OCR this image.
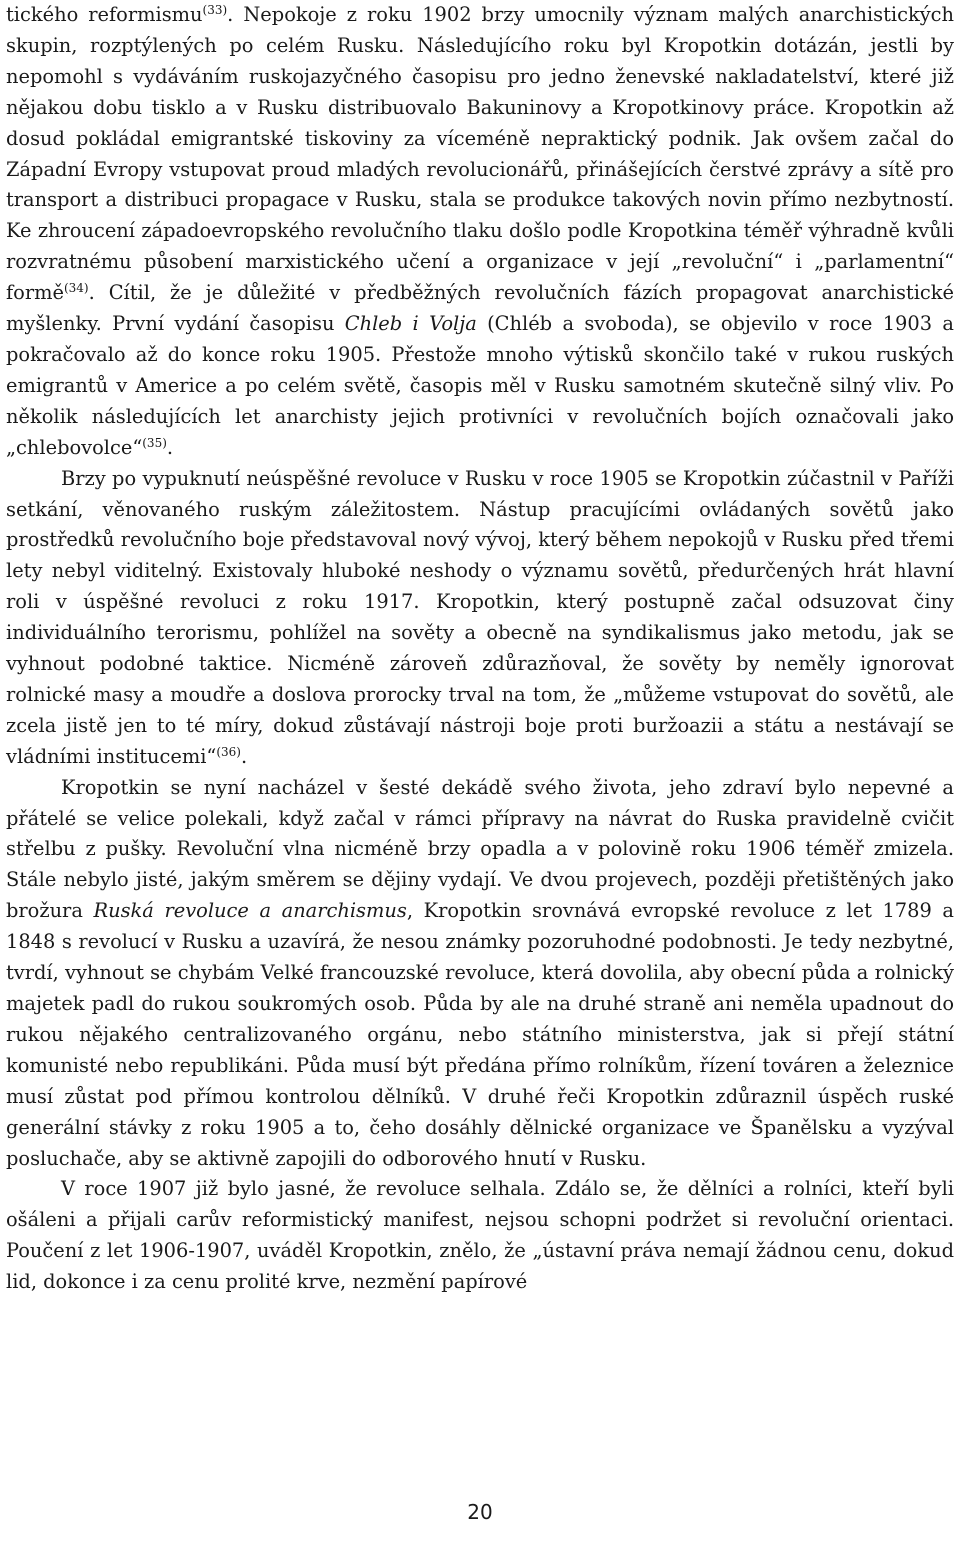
tického reformismu$^{(33)}$. Nepokoje z roku 1902 brzy umocnily význam malých anarchistických skupin, rozptýlených po celém Rusku. Následujícího roku byl Kropotkin dotázán, jestli by nepomohl s vydáváním ruskojazyčného časopisu pro jedno ženevské nakladatelství, které již nějakou dobu tisklo a v Rusku distribuovalo Bakuninovy a Kropotkinovy práce. Kropotkin až dosud pokládal emigrantské tiskoviny za víceméně nepraktický podnik. Jak ovšem začal do Západní Evropy vstupovat proud mladých revolucionářů, přinášejících čerstvé zprávy a sítě pro transport a distribuci propagace v Rusku, stala se produkce takových novin přímo nezbytností. Ke zhroucení západoevropského revolučního tlaku došlo podle Kropotkina téměř výhradně kvůli rozvratnému působení marxistického učení a organizace v její „revoluční“ i „parlamentní“ formě$^{(34)}$. Cítil, že je důležité v předběžných revolučních fázích propagovat anarchistické myšlenky. První vydání časopisu Chleb i Volja (Chléb a svoboda), se objevilo v roce 1903 a pokračovalo až do konce roku 1905. Přestože mnoho výtisků skončilo také v rukou ruských emigrantů v Americe a po celém světě, časopis měl v Rusku samotném skutečně silný vliv. Po několik následujících let anarchisty jejich protivníci v revolučních bojích označovali jako „chlebovolce“$^{(35)}$.

Brzy po vypuknutí neúspěšné revoluce v Rusku v roce 1905 se Kropotkin zúčastnil v Paříži setkání, věnovaného ruským záležitostem. Nástup pracujícími ovládaných sovětů jako prostředků revolučního boje představoval nový vývoj, který během nepokojů v Rusku před třemi lety nebyl viditelný. Existovaly hluboké neshody o významu sovětů, předurčených hrát hlavní roli v úspěšné revoluci z roku 1917. Kropotkin, který postupně začal odsuzovat činy individuálního terorismu, pohlížel na sověty a obecně na syndikalismus jako metodu, jak se vyhnout podobné taktice. Nicméně zároveň zdůrazňoval, že sověty by neměly ignorovat rolnické masy a moudře a doslova prorocky trval na tom, že „můžeme vstupovat do sovětů, ale zcela jistě jen to té míry, dokud zůstávají nástroji boje proti buržoazii a státu a nestávají se vládními institucemi“$^{(36)}$.

Kropotkin se nyní nacházel v šesté dekádě svého života, jeho zdraví bylo nepevné a přátelé se velice polekali, když začal v rámci přípravy na návrat do Ruska pravidelně cvičit střelbu z pušky. Revoluční vlna nicméně brzy opadla a v polovině roku 1906 téměř zmizela. Stále nebylo jisté, jakým směrem se dějiny vydají. Ve dvou projevech, později přetištěných jako brožura Ruská revoluce a anarchismus, Kropotkin srovnává evropské revoluce z let 1789 a 1848 s revolucí v Rusku a uzavírá, že nesou známky pozoruhodné podobnosti. Je tedy nezbytné, tvrdí, vyhnout se chybám Velké francouzské revoluce, která dovolila, aby obecní půda a rolnický majetek padl do rukou soukromých osob. Půda by ale na druhé straně ani neměla upadnout do rukou nějakého centralizovaného orgánu, nebo státního ministerstva, jak si přejí státní komunisté nebo republikáni. Půda musí být předána přímo rolníkům, řízení továren a železnice musí zůstat pod přímou kontrolou dělníků. V druhé řeči Kropotkin zdůraznil úspěch ruské generální stávky z roku 1905 a to, čeho dosáhly dělnické organizace ve Španělsku a vyzýval posluchače, aby se aktivně zapojili do odborového hnutí v Rusku.

V roce 1907 již bylo jasné, že revoluce selhala. Zdálo se, že dělníci a rolníci, kteří byli ošáleni a přijali carův reformistický manifest, nejsou schopni podržet si revoluční orientaci. Poučení z let 1906-1907, uváděl Kropotkin, znělo, že „ústavní práva nemají žádnou cenu, dokud lid, dokonce i za cenu prolité krve, nezmění papírové

20
